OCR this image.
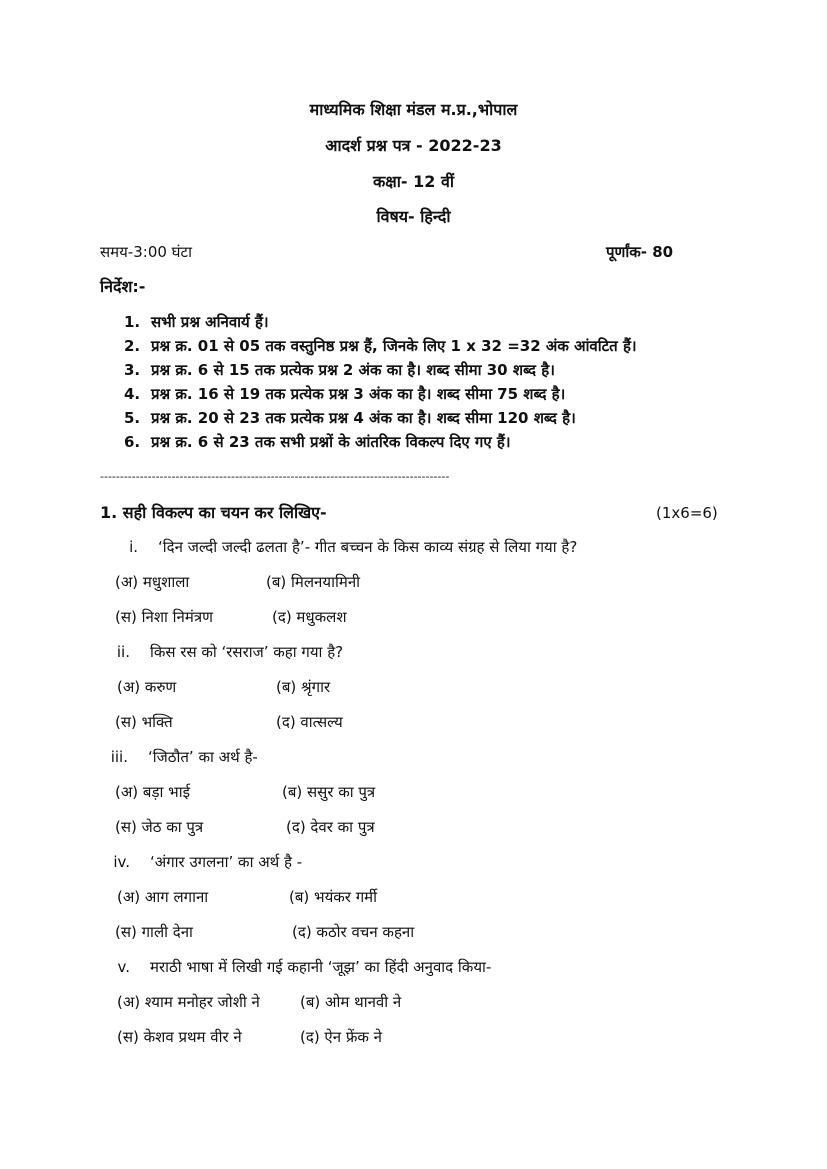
माध्यमिक शिक्षा मंडल म.प्र.,भोपाल
आदर्श प्रश्न पत्र - 2022-23
कक्षा- 12 वीं
विषय- हिन्दी
समय-3:00 घंटा	पूर्णांक- 80
निर्देश:-
1. सभी प्रश्न अनिवार्य हैं।
2. प्रश्न क्र. 01 से 05 तक वस्तुनिष्ठ प्रश्न हैं, जिनके लिए 1 x 32 =32 अंक आंवटित हैं।
3. प्रश्न क्र. 6 से 15 तक प्रत्येक प्रश्न 2 अंक का है। शब्द सीमा 30 शब्द है।
4. प्रश्न क्र. 16 से 19 तक प्रत्येक प्रश्न 3 अंक का है। शब्द सीमा 75 शब्द है।
5. प्रश्न क्र. 20 से 23 तक प्रत्येक प्रश्न 4 अंक का है। शब्द सीमा 120 शब्द है।
6. प्रश्न क्र. 6 से 23 तक सभी प्रश्नों के आंतरिक विकल्प दिए गए हैं।
----------------------------------------------------------------------------------------
1. सही विकल्प का चयन कर लिखिए-	(1x6=6)
i. ‘दिन जल्दी जल्दी ढलता है’- गीत बच्चन के किस काव्य संग्रह से लिया गया है?
(अ) मधुशाला	(ब) मिलनयामिनी
(स) निशा निमंत्रण	(द) मधुकलश
ii. किस रस को ‘रसराज’ कहा गया है?
(अ) करुण	(ब) श्रृंगार
(स) भक्ति	(द) वात्सल्य
iii. ‘जिठौत’ का अर्थ है-
(अ) बड़ा भाई	(ब) ससुर का पुत्र
(स) जेठ का पुत्र	(द) देवर का पुत्र
iv. ‘अंगार उगलना’ का अर्थ है -
(अ) आग लगाना	(ब) भयंकर गर्मी
(स) गाली देना	(द) कठोर वचन कहना
v. मराठी भाषा में लिखी गई कहानी ‘जूझ’ का हिंदी अनुवाद किया-
(अ) श्याम मनोहर जोशी ने	(ब) ओम थानवी ने
(स) केशव प्रथम वीर ने	(द) ऐन फ्रेंक ने
